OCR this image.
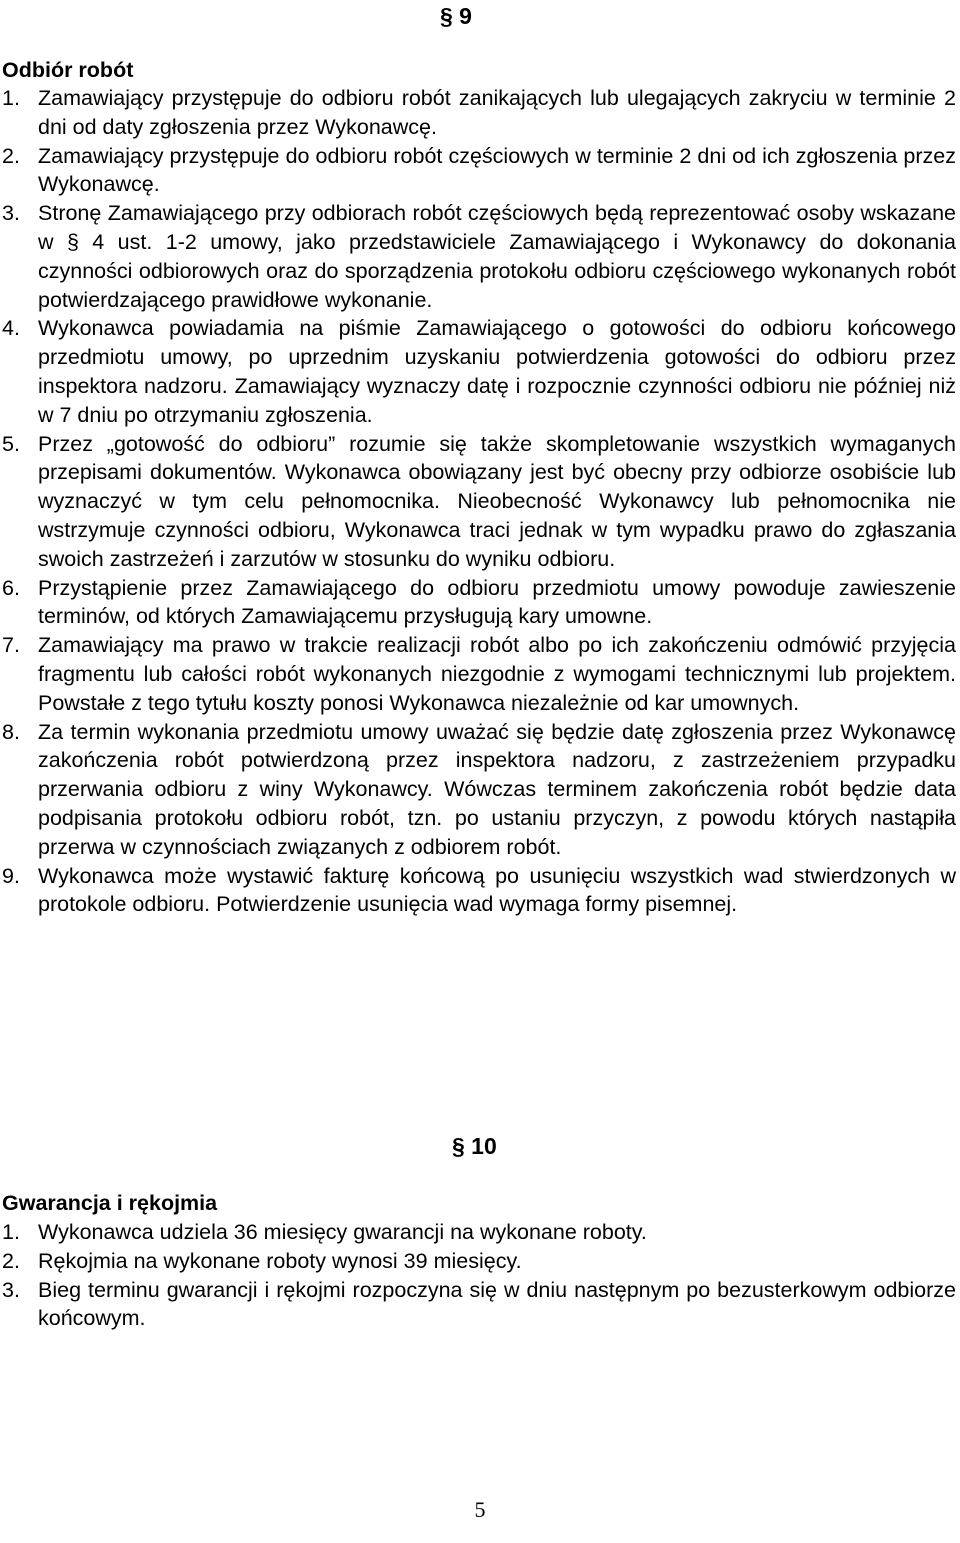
§ 9
Odbiór robót
1. Zamawiający przystępuje do odbioru robót zanikających lub ulegających zakryciu w terminie 2 dni od daty zgłoszenia przez Wykonawcę.
2. Zamawiający przystępuje do odbioru robót częściowych w terminie 2 dni od ich zgłoszenia przez Wykonawcę.
3. Stronę Zamawiającego przy odbiorach robót częściowych będą reprezentować osoby wskazane w § 4 ust. 1-2 umowy, jako przedstawiciele Zamawiającego i Wykonawcy do dokonania czynności odbiorowych oraz do sporządzenia protokołu odbioru częściowego wykonanych robót potwierdzającego prawidłowe wykonanie.
4. Wykonawca powiadamia na piśmie Zamawiającego o gotowości do odbioru końcowego przedmiotu umowy, po uprzednim uzyskaniu potwierdzenia gotowości do odbioru przez inspektora nadzoru. Zamawiający wyznaczy datę i rozpocznie czynności odbioru nie później niż w 7 dniu po otrzymaniu zgłoszenia.
5. Przez „gotowość do odbioru” rozumie się także skompletowanie wszystkich wymaganych przepisami dokumentów. Wykonawca obowiązany jest być obecny przy odbiorze osobiście lub wyznaczyć w tym celu pełnomocnika. Nieobecność Wykonawcy lub pełnomocnika nie wstrzymuje czynności odbioru, Wykonawca traci jednak w tym wypadku prawo do zgłaszania swoich zastrzeżeń i zarzutów w stosunku do wyniku odbioru.
6. Przystąpienie przez Zamawiającego do odbioru przedmiotu umowy powoduje zawieszenie terminów, od których Zamawiającemu przysługują kary umowne.
7. Zamawiający ma prawo w trakcie realizacji robót albo po ich zakończeniu odmówić przyjęcia fragmentu lub całości robót wykonanych niezgodnie z wymogami technicznymi lub projektem. Powstałe z tego tytułu koszty ponosi Wykonawca niezależnie od kar umownych.
8. Za termin wykonania przedmiotu umowy uważać się będzie datę zgłoszenia przez Wykonawcę zakończenia robót potwierdzoną przez inspektora nadzoru, z zastrzeżeniem przypadku przerwania odbioru z winy Wykonawcy. Wówczas terminem zakończenia robót będzie data podpisania protokołu odbioru robót, tzn. po ustaniu przyczyn, z powodu których nastąpiła przerwa w czynnościach związanych z odbiorem robót.
9. Wykonawca może wystawić fakturę końcową po usunięciu wszystkich wad stwierdzonych w protokole odbioru. Potwierdzenie usunięcia wad wymaga formy pisemnej.
§ 10
Gwarancja i rękojmia
1. Wykonawca udziela 36 miesięcy gwarancji na wykonane roboty.
2. Rękojmia na wykonane roboty wynosi 39 miesięcy.
3. Bieg terminu gwarancji i rękojmi rozpoczyna się w dniu następnym po bezusterkowym odbiorze końcowym.
5
